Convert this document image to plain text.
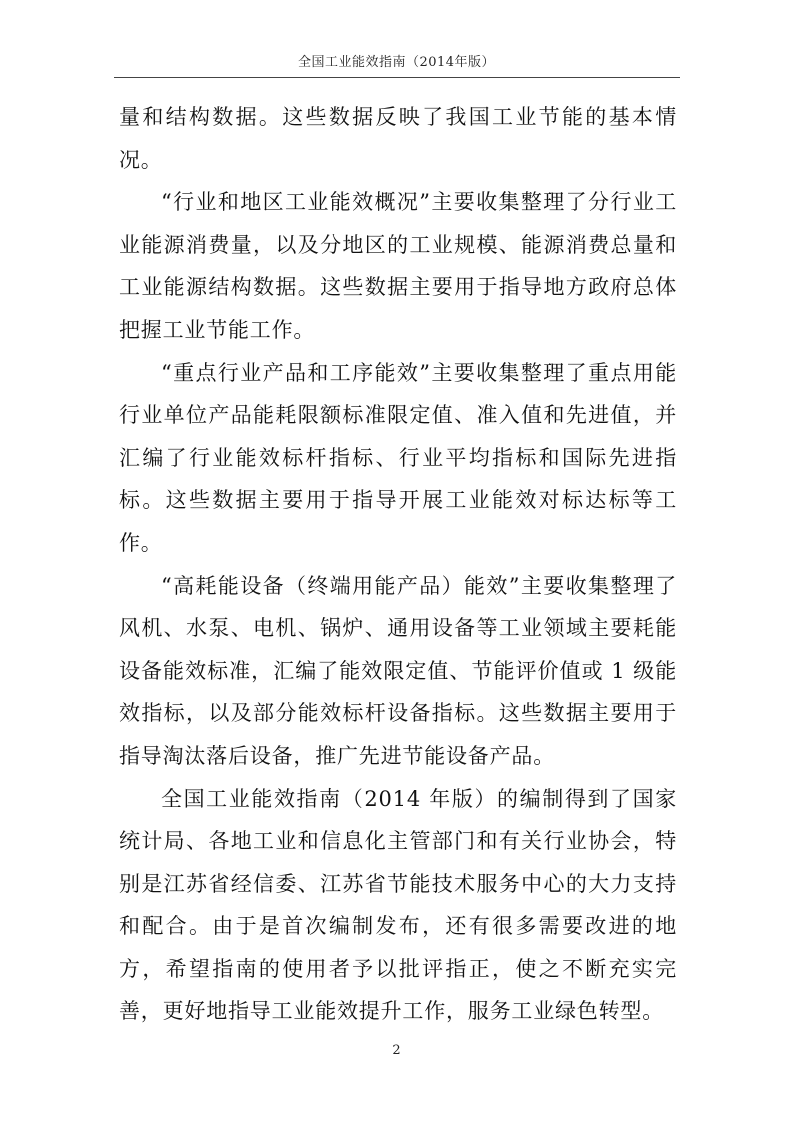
全国工业能效指南（2014年版）

量和结构数据。这些数据反映了我国工业节能的基本情况。

“行业和地区工业能效概况”主要收集整理了分行业工业能源消费量，以及分地区的工业规模、能源消费总量和工业能源结构数据。这些数据主要用于指导地方政府总体把握工业节能工作。

“重点行业产品和工序能效”主要收集整理了重点用能行业单位产品能耗限额标准限定值、准入值和先进值，并汇编了行业能效标杆指标、行业平均指标和国际先进指标。这些数据主要用于指导开展工业能效对标达标等工作。

“高耗能设备（终端用能产品）能效”主要收集整理了风机、水泵、电机、锅炉、通用设备等工业领域主要耗能设备能效标准，汇编了能效限定值、节能评价值或 1 级能效指标，以及部分能效标杆设备指标。这些数据主要用于指导淘汰落后设备，推广先进节能设备产品。

全国工业能效指南（2014 年版）的编制得到了国家统计局、各地工业和信息化主管部门和有关行业协会，特别是江苏省经信委、江苏省节能技术服务中心的大力支持和配合。由于是首次编制发布，还有很多需要改进的地方，希望指南的使用者予以批评指正，使之不断充实完善，更好地指导工业能效提升工作，服务工业绿色转型。

2
